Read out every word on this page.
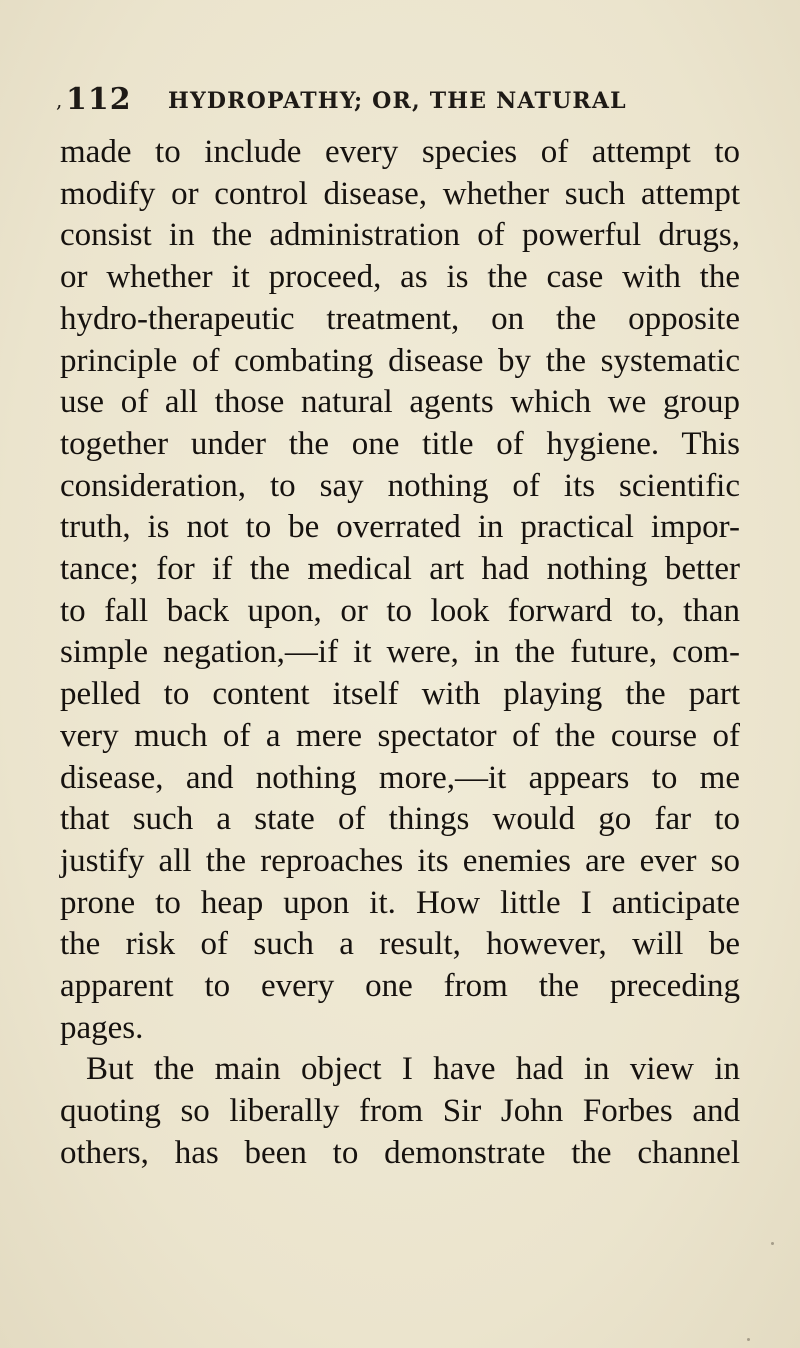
, 112 HYDROPATHY; OR, THE NATURAL
made to include every species of attempt to
modify or control disease, whether such attempt
consist in the administration of powerful drugs,
or whether it proceed, as is the case with the
hydro-therapeutic treatment, on the opposite
principle of combating disease by the systematic
use of all those natural agents which we group
together under the one title of hygiene. This
consideration, to say nothing of its scientific
truth, is not to be overrated in practical impor-
tance; for if the medical art had nothing better
to fall back upon, or to look forward to, than
simple negation,—if it were, in the future, com-
pelled to content itself with playing the part
very much of a mere spectator of the course of
disease, and nothing more,—it appears to me
that such a state of things would go far to
justify all the reproaches its enemies are ever so
prone to heap upon it. How little I anticipate
the risk of such a result, however, will be
apparent to every one from the preceding
pages.
But the main object I have had in view in
quoting so liberally from Sir John Forbes and
others, has been to demonstrate the channel
